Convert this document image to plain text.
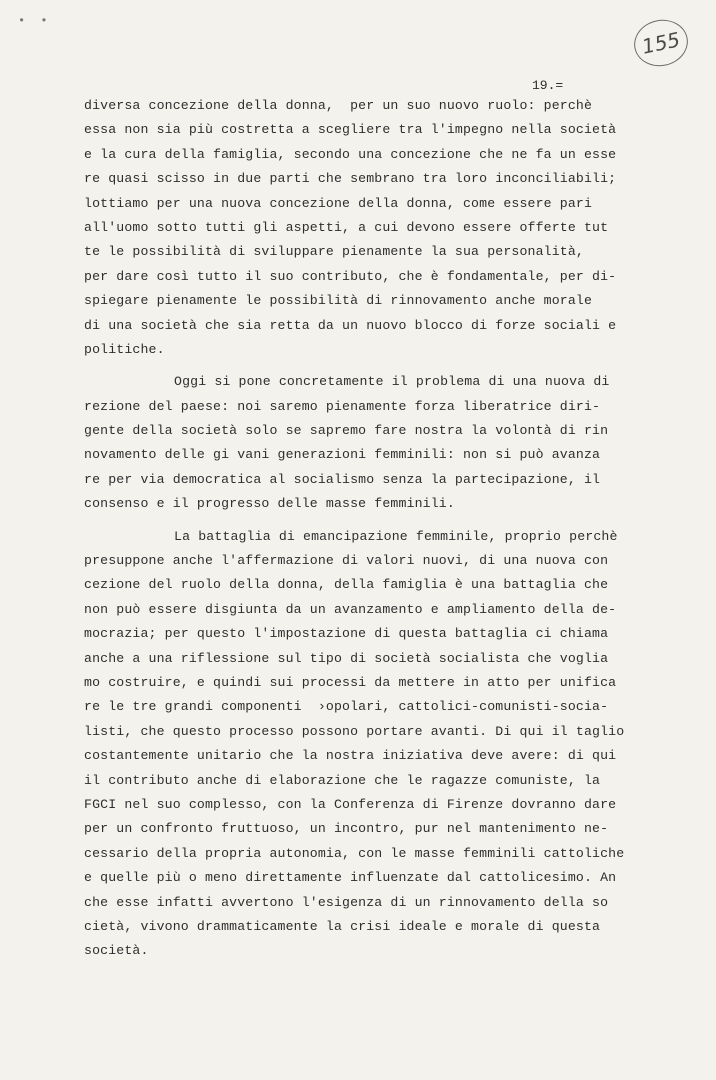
• •
155
19.=
diversa concezione della donna,  per un suo nuovo ruolo: perchè
essa non sia più costretta a scegliere tra l'impegno nella società
e la cura della famiglia, secondo una concezione che ne fa un esse
re quasi scisso in due parti che sembrano tra loro inconciliabili;
lottiamo per una nuova concezione della donna, come essere pari
all'uomo sotto tutti gli aspetti, a cui devono essere offerte tut
te le possibilità di sviluppare pienamente la sua personalità,
per dare così tutto il suo contributo, che è fondamentale, per di-
spiegare pienamente le possibilità di rinnovamento anche morale
di una società che sia retta da un nuovo blocco di forze sociali e
politiche.
Oggi si pone concretamente il problema di una nuova di
rezione del paese: noi saremo pienamente forza liberatrice diri-
gente della società solo se sapremo fare nostra la volontà di rin
novamento delle gi vani generazioni femminili: non si può avanza
re per via democratica al socialismo senza la partecipazione, il
consenso e il progresso delle masse femminili.
La battaglia di emancipazione femminile, proprio perchè
presuppone anche l'affermazione di valori nuovi, di una nuova con
cezione del ruolo della donna, della famiglia è una battaglia che
non può essere disgiunta da un avanzamento e ampliamento della de-
mocrazia; per questo l'impostazione di questa battaglia ci chiama
anche a una riflessione sul tipo di società socialista che voglia
mo costruire, e quindi sui processi da mettere in atto per unifica
re le tre grandi componenti  ›opolari, cattolici-comunisti-socia-
listi, che questo processo possono portare avanti. Di qui il taglio
costantemente unitario che la nostra iniziativa deve avere: di qui
il contributo anche di elaborazione che le ragazze comuniste, la
FGCI nel suo complesso, con la Conferenza di Firenze dovranno dare
per un confronto fruttuoso, un incontro, pur nel mantenimento ne-
cessario della propria autonomia, con le masse femminili cattoliche
e quelle più o meno direttamente influenzate dal cattolicesimo. An
che esse infatti avvertono l'esigenza di un rinnovamento della so
cietà, vivono drammaticamente la crisi ideale e morale di questa
società.
